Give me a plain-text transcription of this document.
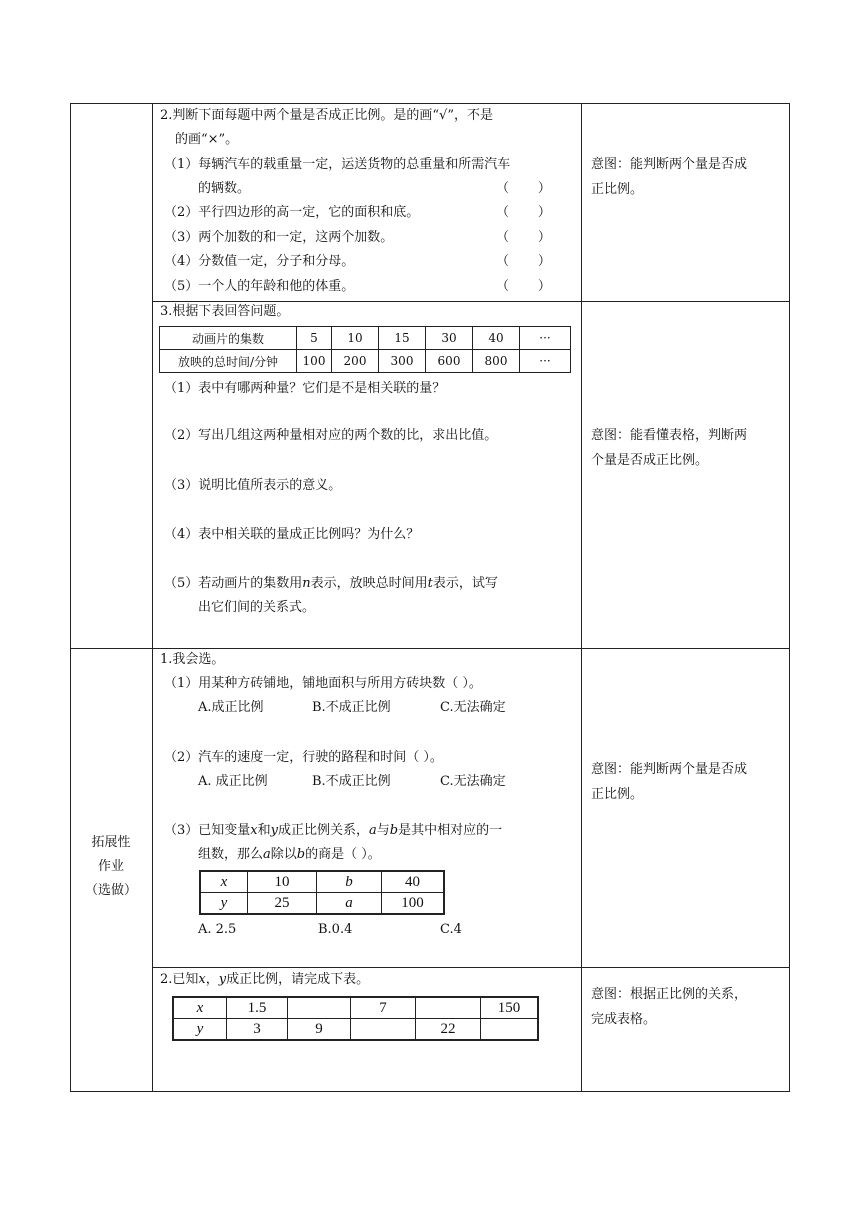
2.判断下面每题中两个量是否成正比例。是的画“√”，不是
的画“×”。
（1）每辆汽车的载重量一定，运送货物的总重量和所需汽车
的辆数。	（       ）
（2）平行四边形的高一定，它的面积和底。	（       ）
（3）两个加数的和一定，这两个加数。	（       ）
（4）分数值一定，分子和分母。	（       ）
（5）一个人的年龄和他的体重。	（       ）
意图：能判断两个量是否成
正比例。
3.根据下表回答问题。
动画片的集数	5	10	15	30	40	···
放映的总时间/分钟	100	200	300	600	800	···
（1）表中有哪两种量？它们是不是相关联的量？
（2）写出几组这两种量相对应的两个数的比，求出比值。
（3）说明比值所表示的意义。
（4）表中相关联的量成正比例吗？为什么？
（5）若动画片的集数用n表示，放映总时间用t表示，试写
出它们间的关系式。
意图：能看懂表格，判断两
个量是否成正比例。
拓展性
作业
（选做）
1.我会选。
（1）用某种方砖铺地，铺地面积与所用方砖块数（ ）。
A.成正比例	B.不成正比例	C.无法确定
（2）汽车的速度一定，行驶的路程和时间（ ）。
A. 成正比例	B.不成正比例	C.无法确定
（3）已知变量x和y成正比例关系，a与b是其中相对应的一
组数，那么a除以b的商是（ ）。
x	10	b	40
y	25	a	100
A. 2.5	B.0.4	C.4
意图：能判断两个量是否成
正比例。
2.已知x，y成正比例，请完成下表。
x	1.5		7		150
y	3	9		22	
意图：根据正比例的关系，
完成表格。
